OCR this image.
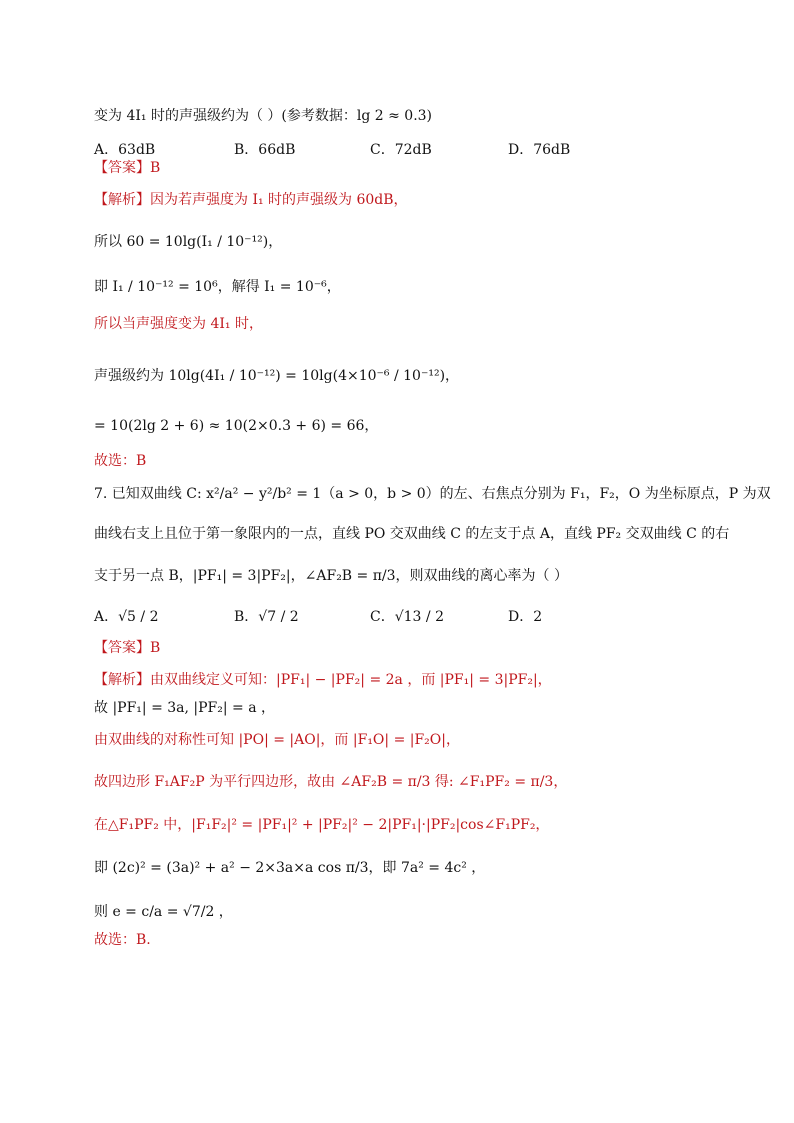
变为 4I₁ 时的声强级约为（ ）(参考数据：lg 2 ≈ 0.3)
A．63dB	B．66dB	C．72dB	D．76dB
【答案】B
【解析】因为若声强度为 I₁ 时的声强级为 60dB，
所以 60 = 10lg(I₁ / 10⁻¹²)，
即 I₁ / 10⁻¹² = 10⁶，解得 I₁ = 10⁻⁶，
所以当声强度变为 4I₁ 时，
声强级约为 10lg(4I₁ / 10⁻¹²) = 10lg(4×10⁻⁶ / 10⁻¹²)，
= 10(2lg 2 + 6) ≈ 10(2×0.3 + 6) = 66，
故选：B
7. 已知双曲线 C: x²/a² − y²/b² = 1（a > 0，b > 0）的左、右焦点分别为 F₁，F₂，O 为坐标原点，P 为双
曲线右支上且位于第一象限内的一点，直线 PO 交双曲线 C 的左支于点 A，直线 PF₂ 交双曲线 C 的右
支于另一点 B，|PF₁| = 3|PF₂|，∠AF₂B = π/3，则双曲线的离心率为（ ）
A．√5 / 2	B．√7 / 2	C．√13 / 2	D．2
【答案】B
【解析】由双曲线定义可知：|PF₁| − |PF₂| = 2a ，而 |PF₁| = 3|PF₂|，
故 |PF₁| = 3a, |PF₂| = a ，
由双曲线的对称性可知 |PO| = |AO|，而 |F₁O| = |F₂O|，
故四边形 F₁AF₂P 为平行四边形，故由 ∠AF₂B = π/3 得: ∠F₁PF₂ = π/3，
在△F₁PF₂ 中，|F₁F₂|² = |PF₁|² + |PF₂|² − 2|PF₁|·|PF₂|cos∠F₁PF₂，
即 (2c)² = (3a)² + a² − 2×3a×a cos π/3，即 7a² = 4c² ，
则 e = c/a = √7/2 ，
故选：B.
